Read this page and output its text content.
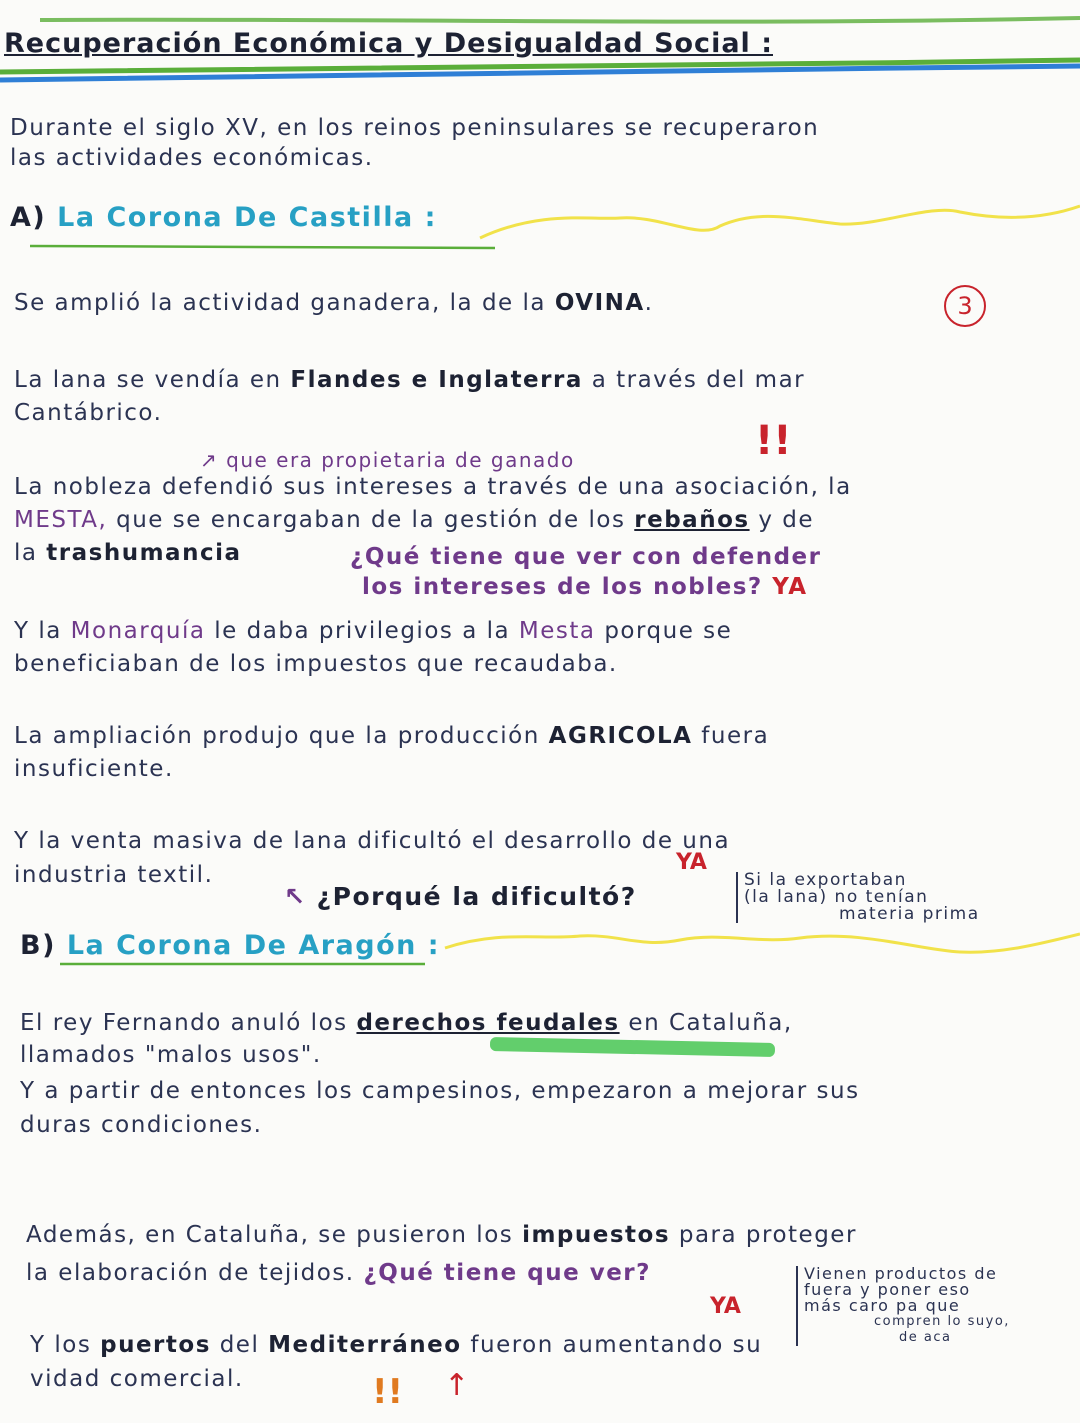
Recuperación Económica y Desigualdad Social :
Durante el siglo XV, en los reinos peninsulares se recuperaron
las actividades económicas.
A) La Corona De Castilla :
Se amplió la actividad ganadera, la de la OVINA.	3
La lana se vendía en Flandes e Inglaterra a través del mar
Cantábrico.
↗ que era propietaria de ganado	!!
La nobleza defendió sus intereses a través de una asociación, la
MESTA, que se encargaban de la gestión de los rebaños y de
la trashumancia	¿Qué tiene que ver con defender
los intereses de los nobles? YA
Y la Monarquía le daba privilegios a la Mesta porque se
beneficiaban de los impuestos que recaudaba.
La ampliación produjo que la producción AGRICOLA fuera
insuficiente.
Y la venta masiva de lana dificultó el desarrollo de una
industria textil.	YA
↖ ¿Porqué la dificultó?
Si la exportaban
(la lana) no tenían
materia prima
B) La Corona De Aragón :
El rey Fernando anuló los derechos feudales en Cataluña,
llamados "malos usos".
Y a partir de entonces los campesinos, empezaron a mejorar sus
duras condiciones.
Además, en Cataluña, se pusieron los impuestos para proteger
la elaboración de tejidos. ¿Qué tiene que ver?
YA
Vienen productos de
fuera y poner eso
más caro pa que
compren lo suyo,
de aca
Y los puertos del Mediterráneo fueron aumentando su
vidad comercial.	!! ↑
